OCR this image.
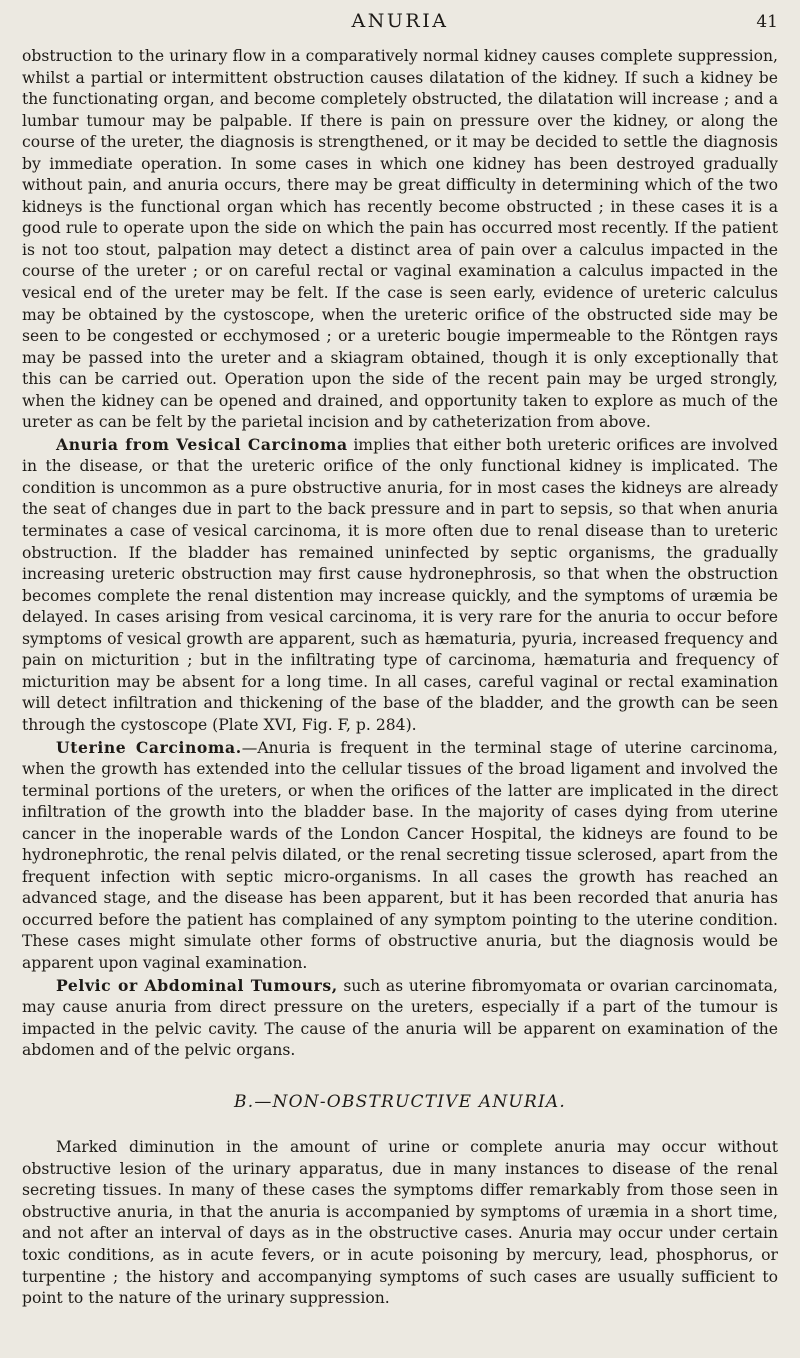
ANURIA	41

obstruction to the urinary flow in a comparatively normal kidney causes complete suppression, whilst a partial or intermittent obstruction causes dilatation of the kidney. If such a kidney be the functionating organ, and become completely obstructed, the dilatation will increase ; and a lumbar tumour may be palpable. If there is pain on pressure over the kidney, or along the course of the ureter, the diagnosis is strengthened, or it may be decided to settle the diagnosis by immediate operation. In some cases in which one kidney has been destroyed gradually without pain, and anuria occurs, there may be great difficulty in determining which of the two kidneys is the functional organ which has recently become obstructed ; in these cases it is a good rule to operate upon the side on which the pain has occurred most recently. If the patient is not too stout, palpation may detect a distinct area of pain over a calculus impacted in the course of the ureter ; or on careful rectal or vaginal examination a calculus impacted in the vesical end of the ureter may be felt. If the case is seen early, evidence of ureteric calculus may be obtained by the cystoscope, when the ureteric orifice of the obstructed side may be seen to be congested or ecchymosed ; or a ureteric bougie impermeable to the Röntgen rays may be passed into the ureter and a skiagram obtained, though it is only exceptionally that this can be carried out. Operation upon the side of the recent pain may be urged strongly, when the kidney can be opened and drained, and opportunity taken to explore as much of the ureter as can be felt by the parietal incision and by catheterization from above.

Anuria from Vesical Carcinoma implies that either both ureteric orifices are involved in the disease, or that the ureteric orifice of the only functional kidney is implicated. The condition is uncommon as a pure obstructive anuria, for in most cases the kidneys are already the seat of changes due in part to the back pressure and in part to sepsis, so that when anuria terminates a case of vesical carcinoma, it is more often due to renal disease than to ureteric obstruction. If the bladder has remained uninfected by septic organisms, the gradually increasing ureteric obstruction may first cause hydronephrosis, so that when the obstruction becomes complete the renal distention may increase quickly, and the symptoms of uræmia be delayed. In cases arising from vesical carcinoma, it is very rare for the anuria to occur before symptoms of vesical growth are apparent, such as hæmaturia, pyuria, increased frequency and pain on micturition ; but in the infiltrating type of carcinoma, hæmaturia and frequency of micturition may be absent for a long time. In all cases, careful vaginal or rectal examination will detect infiltration and thickening of the base of the bladder, and the growth can be seen through the cystoscope (Plate XVI, Fig. F, p. 284).

Uterine Carcinoma.—Anuria is frequent in the terminal stage of uterine carcinoma, when the growth has extended into the cellular tissues of the broad ligament and involved the terminal portions of the ureters, or when the orifices of the latter are implicated in the direct infiltration of the growth into the bladder base. In the majority of cases dying from uterine cancer in the inoperable wards of the London Cancer Hospital, the kidneys are found to be hydronephrotic, the renal pelvis dilated, or the renal secreting tissue sclerosed, apart from the frequent infection with septic micro-organisms. In all cases the growth has reached an advanced stage, and the disease has been apparent, but it has been recorded that anuria has occurred before the patient has complained of any symptom pointing to the uterine condition. These cases might simulate other forms of obstructive anuria, but the diagnosis would be apparent upon vaginal examination.

Pelvic or Abdominal Tumours, such as uterine fibromyomata or ovarian carcinomata, may cause anuria from direct pressure on the ureters, especially if a part of the tumour is impacted in the pelvic cavity. The cause of the anuria will be apparent on examination of the abdomen and of the pelvic organs.

B.—NON-OBSTRUCTIVE ANURIA.

Marked diminution in the amount of urine or complete anuria may occur without obstructive lesion of the urinary apparatus, due in many instances to disease of the renal secreting tissues. In many of these cases the symptoms differ remarkably from those seen in obstructive anuria, in that the anuria is accompanied by symptoms of uræmia in a short time, and not after an interval of days as in the obstructive cases. Anuria may occur under certain toxic conditions, as in acute fevers, or in acute poisoning by mercury, lead, phosphorus, or turpentine ; the history and accompanying symptoms of such cases are usually sufficient to point to the nature of the urinary suppression.
